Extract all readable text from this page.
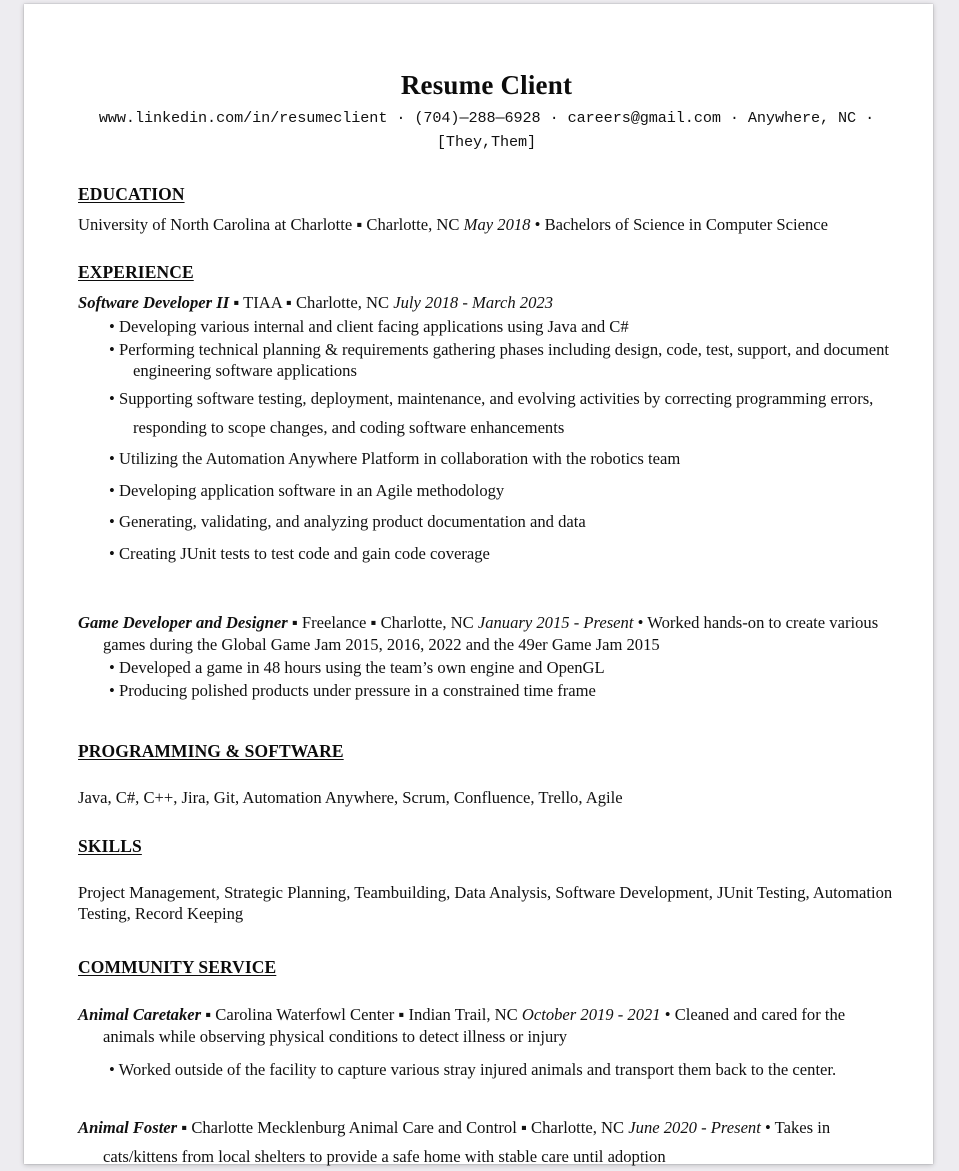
Resume Client
www.linkedin.com/in/resumeclient · (704)—288—6928 · careers@gmail.com · Anywhere, NC ·
[They,Them]
EDUCATION

University of North Carolina at Charlotte ▪ Charlotte, NC May 2018 • Bachelors of Science in Computer Science

EXPERIENCE

Software Developer II ▪ TIAA ▪ Charlotte, NC July 2018 - March 2023

• Developing various internal and client facing applications using Java and C#
• Performing technical planning & requirements gathering phases including design, code, test, support, and document engineering software applications
• Supporting software testing, deployment, maintenance, and evolving activities by correcting programming errors, responding to scope changes, and coding software enhancements
• Utilizing the Automation Anywhere Platform in collaboration with the robotics team
• Developing application software in an Agile methodology
• Generating, validating, and analyzing product documentation and data
• Creating JUnit tests to test code and gain code coverage

Game Developer and Designer ▪ Freelance ▪ Charlotte, NC January 2015 - Present • Worked hands-on to create various games during the Global Game Jam 2015, 2016, 2022 and the 49er Game Jam 2015

• Developed a game in 48 hours using the team’s own engine and OpenGL
• Producing polished products under pressure in a constrained time frame
PROGRAMMING & SOFTWARE

Java, C#, C++, Jira, Git, Automation Anywhere, Scrum, Confluence, Trello, Agile

SKILLS

Project Management, Strategic Planning, Teambuilding, Data Analysis, Software Development, JUnit Testing, Automation Testing, Record Keeping

COMMUNITY SERVICE

Animal Caretaker ▪ Carolina Waterfowl Center ▪ Indian Trail, NC October 2019 - 2021 • Cleaned and cared for the animals while observing physical conditions to detect illness or injury

• Worked outside of the facility to capture various stray injured animals and transport them back to the center.

Animal Foster ▪ Charlotte Mecklenburg Animal Care and Control ▪ Charlotte, NC June 2020 - Present • Takes in cats/kittens from local shelters to provide a safe home with stable care until adoption
